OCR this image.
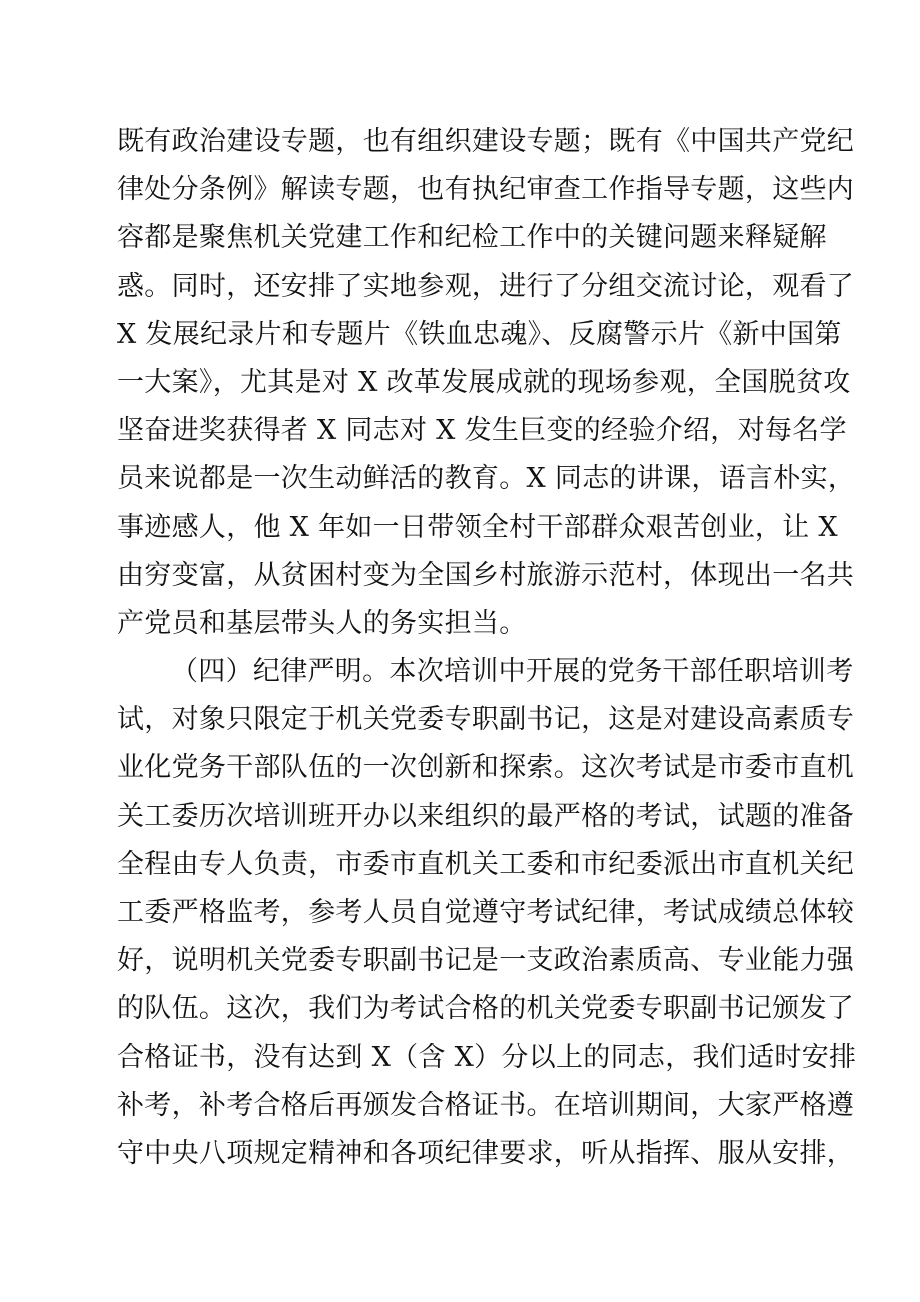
既有政治建设专题，也有组织建设专题；既有《中国共产党纪
律处分条例》解读专题，也有执纪审查工作指导专题，这些内
容都是聚焦机关党建工作和纪检工作中的关键问题来释疑解
惑。同时，还安排了实地参观，进行了分组交流讨论，观看了
X 发展纪录片和专题片《铁血忠魂》、反腐警示片《新中国第
一大案》，尤其是对 X 改革发展成就的现场参观，全国脱贫攻
坚奋进奖获得者 X 同志对 X 发生巨变的经验介绍，对每名学
员来说都是一次生动鲜活的教育。X 同志的讲课，语言朴实，
事迹感人，他 X 年如一日带领全村干部群众艰苦创业，让 X
由穷变富，从贫困村变为全国乡村旅游示范村，体现出一名共
产党员和基层带头人的务实担当。
（四）纪律严明。本次培训中开展的党务干部任职培训考
试，对象只限定于机关党委专职副书记，这是对建设高素质专
业化党务干部队伍的一次创新和探索。这次考试是市委市直机
关工委历次培训班开办以来组织的最严格的考试，试题的准备
全程由专人负责，市委市直机关工委和市纪委派出市直机关纪
工委严格监考，参考人员自觉遵守考试纪律，考试成绩总体较
好，说明机关党委专职副书记是一支政治素质高、专业能力强
的队伍。这次，我们为考试合格的机关党委专职副书记颁发了
合格证书，没有达到 X（含 X）分以上的同志，我们适时安排
补考，补考合格后再颁发合格证书。在培训期间，大家严格遵
守中央八项规定精神和各项纪律要求，听从指挥、服从安排，
